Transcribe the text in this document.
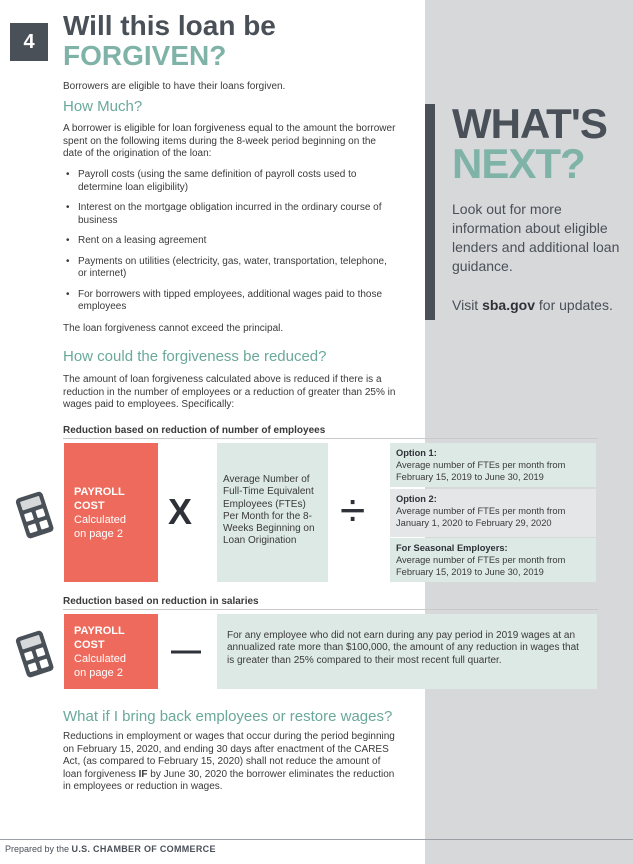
WHAT'S
NEXT?
Look out for more information about eligible lenders and additional loan guidance.
Visit sba.gov for updates.
4
Will this loan be
FORGIVEN?
Borrowers are eligible to have their loans forgiven.
How Much?
A borrower is eligible for loan forgiveness equal to the amount the borrower spent on the following items during the 8-week period beginning on the date of the origination of the loan:
• Payroll costs (using the same definition of payroll costs used to determine loan eligibility)
• Interest on the mortgage obligation incurred in the ordinary course of business
• Rent on a leasing agreement
• Payments on utilities (electricity, gas, water, transportation, telephone, or internet)
• For borrowers with tipped employees, additional wages paid to those employees
The loan forgiveness cannot exceed the principal.
How could the forgiveness be reduced?
The amount of loan forgiveness calculated above is reduced if there is a reduction in the number of employees or a reduction of greater than 25% in wages paid to employees. Specifically:
Reduction based on reduction of number of employees
PAYROLL
COST
Calculated
on page 2
X
Average Number of Full-Time Equivalent Employees (FTEs) Per Month for the 8-Weeks Beginning on Loan Origination
÷
Option 1:
Average number of FTEs per month from February 15, 2019 to June 30, 2019
Option 2:
Average number of FTEs per month from January 1, 2020 to February 29, 2020
For Seasonal Employers:
Average number of FTEs per month from February 15, 2019 to June 30, 2019
Reduction based on reduction in salaries
PAYROLL
COST
Calculated
on page 2
—	For any employee who did not earn during any pay period in 2019 wages at an annualized rate more than $100,000, the amount of any reduction in wages that is greater than 25% compared to their most recent full quarter.
What if I bring back employees or restore wages?
Reductions in employment or wages that occur during the period beginning on February 15, 2020, and ending 30 days after enactment of the CARES Act, (as compared to February 15, 2020) shall not reduce the amount of loan forgiveness IF by June 30, 2020 the borrower eliminates the reduction in employees or reduction in wages.
Prepared by the U.S. CHAMBER OF COMMERCE
